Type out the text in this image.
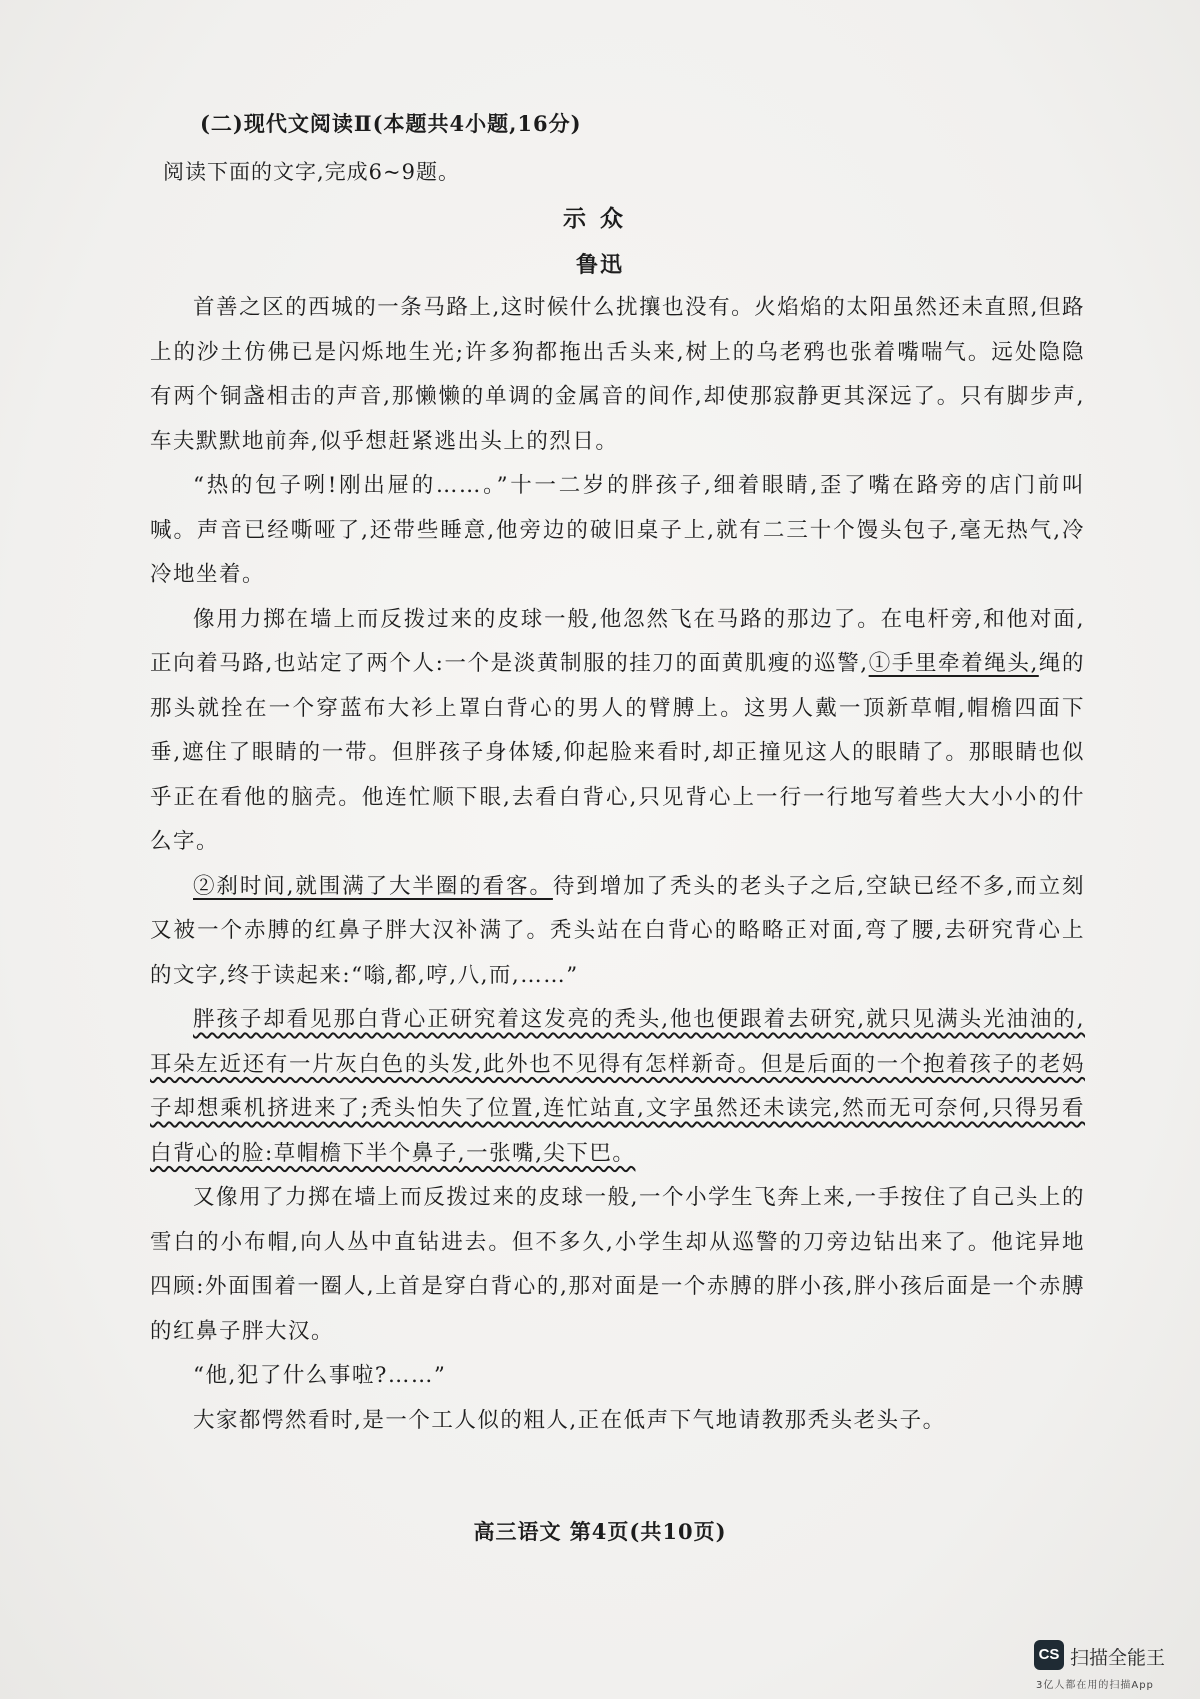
(二)现代文阅读Ⅱ(本题共4小题,16分)
阅读下面的文字,完成6~9题。
示众
鲁迅

首善之区的西城的一条马路上,这时候什么扰攘也没有。火焰焰的太阳虽然还未直照,但路上的沙土仿佛已是闪烁地生光;许多狗都拖出舌头来,树上的乌老鸦也张着嘴喘气。远处隐隐有两个铜盏相击的声音,那懒懒的单调的金属音的间作,却使那寂静更其深远了。只有脚步声,车夫默默地前奔,似乎想赶紧逃出头上的烈日。

“热的包子咧!刚出屉的……。”十一二岁的胖孩子,细着眼睛,歪了嘴在路旁的店门前叫喊。声音已经嘶哑了,还带些睡意,他旁边的破旧桌子上,就有二三十个馒头包子,毫无热气,冷冷地坐着。

像用力掷在墙上而反拨过来的皮球一般,他忽然飞在马路的那边了。在电杆旁,和他对面,正向着马路,也站定了两个人:一个是淡黄制服的挂刀的面黄肌瘦的巡警,①手里牵着绳头,绳的那头就拴在一个穿蓝布大衫上罩白背心的男人的臂膊上。这男人戴一顶新草帽,帽檐四面下垂,遮住了眼睛的一带。但胖孩子身体矮,仰起脸来看时,却正撞见这人的眼睛了。那眼睛也似乎正在看他的脑壳。他连忙顺下眼,去看白背心,只见背心上一行一行地写着些大大小小的什么字。

②刹时间,就围满了大半圈的看客。待到增加了秃头的老头子之后,空缺已经不多,而立刻又被一个赤膊的红鼻子胖大汉补满了。秃头站在白背心的略略正对面,弯了腰,去研究背心上的文字,终于读起来:“嗡,都,哼,八,而,……”

胖孩子却看见那白背心正研究着这发亮的秃头,他也便跟着去研究,就只见满头光油油的,耳朵左近还有一片灰白色的头发,此外也不见得有怎样新奇。但是后面的一个抱着孩子的老妈子却想乘机挤进来了;秃头怕失了位置,连忙站直,文字虽然还未读完,然而无可奈何,只得另看白背心的脸:草帽檐下半个鼻子,一张嘴,尖下巴。

又像用了力掷在墙上而反拨过来的皮球一般,一个小学生飞奔上来,一手按住了自己头上的雪白的小布帽,向人丛中直钻进去。但不多久,小学生却从巡警的刀旁边钻出来了。他诧异地四顾:外面围着一圈人,上首是穿白背心的,那对面是一个赤膊的胖小孩,胖小孩后面是一个赤膊的红鼻子胖大汉。

“他,犯了什么事啦?……”

大家都愕然看时,是一个工人似的粗人,正在低声下气地请教那秃头老头子。

高三语文 第4页(共10页)
CS 扫描全能王
3亿人都在用的扫描App
